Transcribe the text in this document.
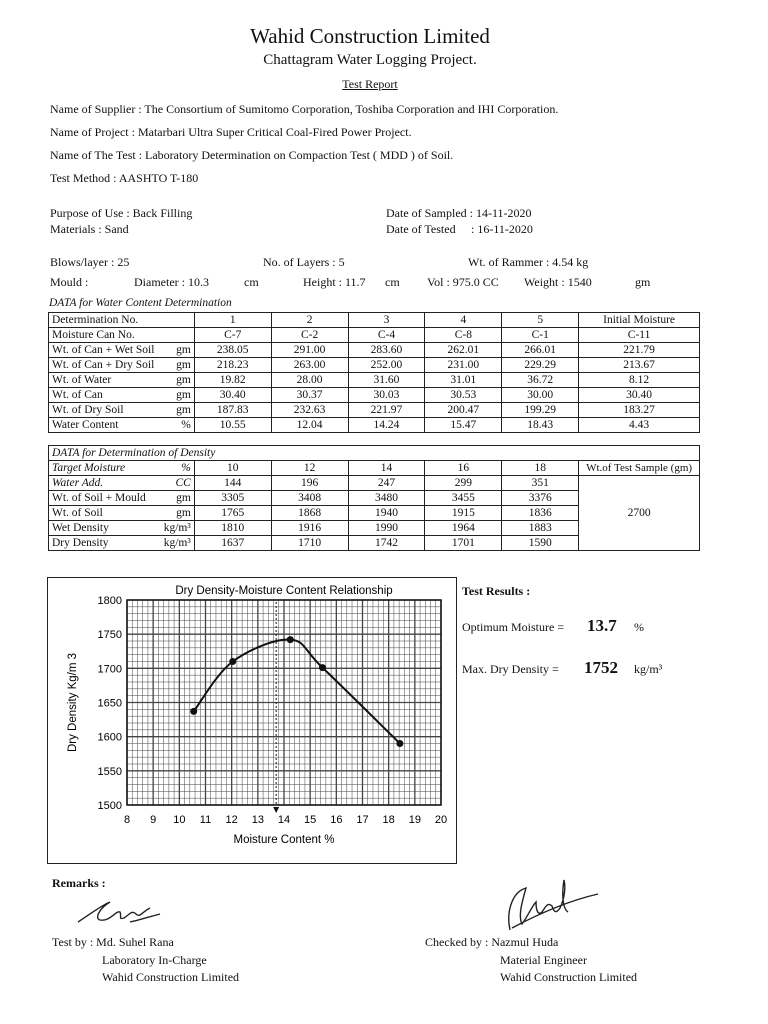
Wahid Construction Limited
Chattagram Water Logging Project.
Test Report
Name of Supplier : The Consortium of Sumitomo Corporation, Toshiba Corporation and IHI Corporation.
Name of Project : Matarbari Ultra Super Critical Coal-Fired Power Project.
Name of The Test : Laboratory Determination on Compaction Test ( MDD ) of Soil.
Test Method : AASHTO T-180
Purpose of Use : Back Filling
Materials : Sand
Date of Sampled : 14-11-2020
Date of Tested : 16-11-2020
Blows/layer : 25	No. of Layers : 5	Wt. of Rammer : 4.54 kg
Mould :	Diameter : 10.3	cm	Height : 11.7 cm Vol : 975.0 CC Weight : 1540	gm
DATA for Water Content Determination
Determination No.	1	2	3	4	5	Initial Moisture

Moisture Can No.	C-7	C-2	C-4	C-8	C-1	C-11

Wt. of Can + Wet Soil gm	238.05	291.00	283.60	262.01	266.01	221.79

Wt. of Can + Dry Soil gm	218.23	263.00	252.00	231.00	229.29	213.67

Wt. of Water gm	19.82	28.00	31.60	31.01	36.72	8.12

Wt. of Can gm	30.40	30.37	30.03	30.53	30.00	30.40

Wt. of Dry Soil gm	187.83	232.63	221.97	200.47	199.29	183.27

Water Content %	10.55	12.04	14.24	15.47	18.43	4.43
DATA for Determination of Density						

Target Moisture %	10	12	14	16	18	Wt.of Test Sample (gm)

Water Add. CC	144	196	247	299	351	2700

Wt. of Soil + Mould gm	3305	3408	3480	3455	3376	

Wt. of Soil gm	1765	1868	1940	1915	1836	

Wet Density kg/m³	1810	1916	1990	1964	1883	

Dry Density kg/m³	1637	1710	1742	1701	1590	
8 9 10 11 12 13 14 15 16 17 18 19 20
1500
1550
1600
1650
1700
1750
1800
Dry Density-Moisture Content Relationship
Moisture Content %
Dry Density Kg/m 3
Test Results :
Optimum Moisture = 13.7 %
Max. Dry Density = 1752 kg/m³
Remarks :
Test by : Md. Suhel Rana
Laboratory In-Charge
Wahid Construction Limited
Checked by : Nazmul Huda
Material Engineer
Wahid Construction Limited
